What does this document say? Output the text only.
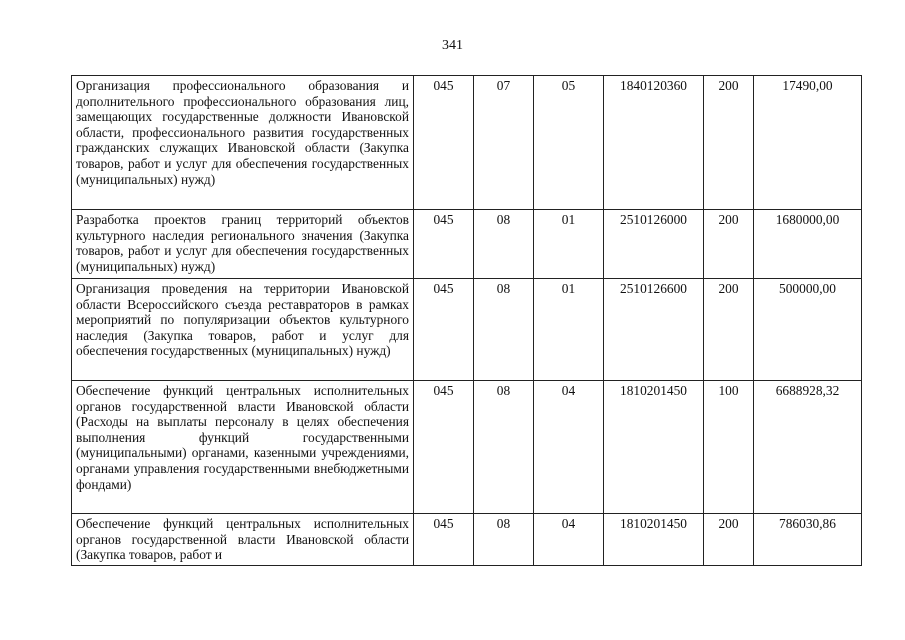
341
Организация профессионального образования и дополнительного профессионального образования лиц, замещающих государственные должности Ивановской области, профессионального развития государственных гражданских служащих Ивановской области (Закупка товаров, работ и услуг для обеспечения государственных (муниципальных) нужд)	045	07	05	1840120360	200	17490,00
Разработка проектов границ территорий объектов культурного наследия регионального значения (Закупка товаров, работ и услуг для обеспечения государственных (муниципальных) нужд)	045	08	01	2510126000	200	1680000,00
Организация проведения на территории Ивановской области Всероссийского съезда реставраторов в рамках мероприятий по популяризации объектов культурного наследия (Закупка товаров, работ и услуг для обеспечения государственных (муниципальных) нужд)	045	08	01	2510126600	200	500000,00
Обеспечение функций центральных исполнительных органов государственной власти Ивановской области (Расходы на выплаты персоналу в целях обеспечения выполнения функций государственными (муниципальными) органами, казенными учреждениями, органами управления государственными внебюджетными фондами)	045	08	04	1810201450	100	6688928,32
Обеспечение функций центральных исполнительных органов государственной власти Ивановской области (Закупка товаров, работ и	045	08	04	1810201450	200	786030,86
